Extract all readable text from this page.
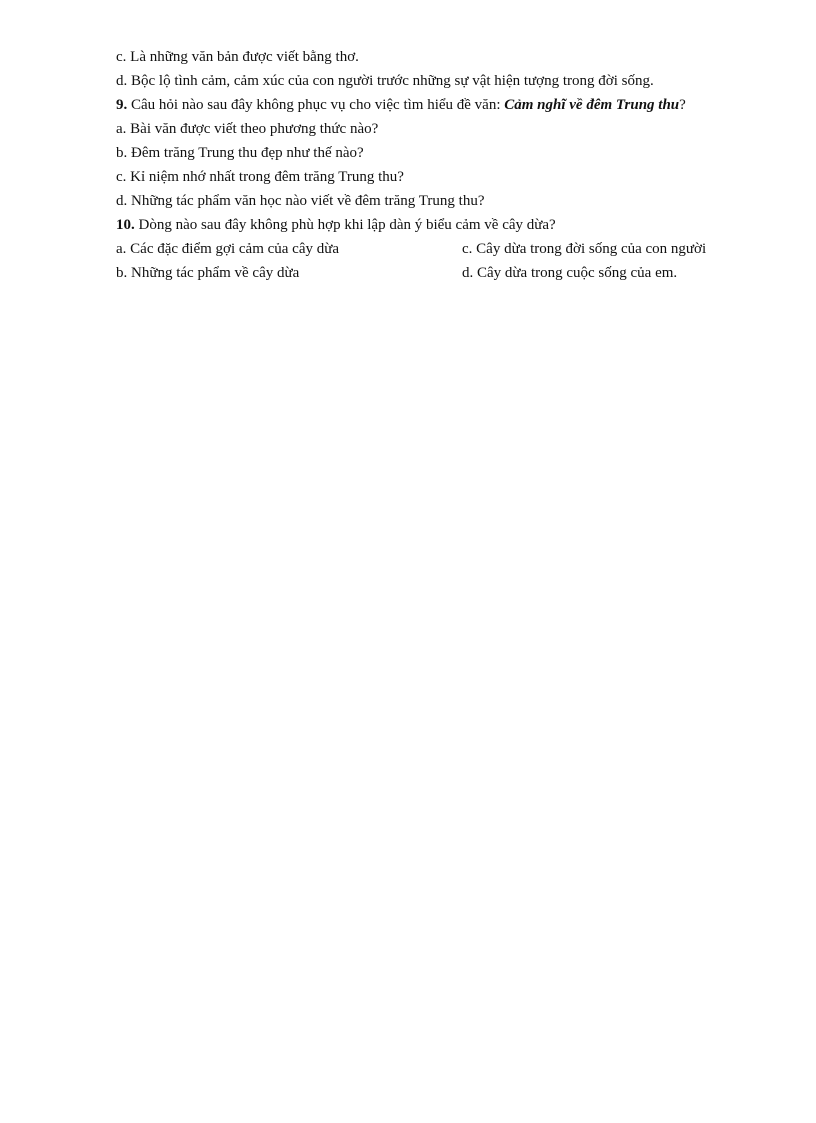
c. Là những văn bản được viết bằng thơ.
d. Bộc lộ tình cảm, cảm xúc của con người trước những sự vật hiện tượng trong đời sống.
9. Câu hỏi nào sau đây không phục vụ cho việc tìm hiểu đề văn: Cảm nghĩ về đêm Trung thu?
a. Bài văn được viết theo phương thức nào?
b. Đêm trăng Trung thu đẹp như thế nào?
c. Kỉ niệm nhớ nhất trong đêm trăng Trung thu?
d. Những tác phẩm văn học nào viết về đêm trăng Trung thu?
10. Dòng nào sau đây không phù hợp khi lập dàn ý biểu cảm về cây dừa?
a. Các đặc điểm gợi cảm của cây dừa	c. Cây dừa trong đời sống của con người
b. Những tác phẩm về cây dừa	d. Cây dừa trong cuộc sống của em.
